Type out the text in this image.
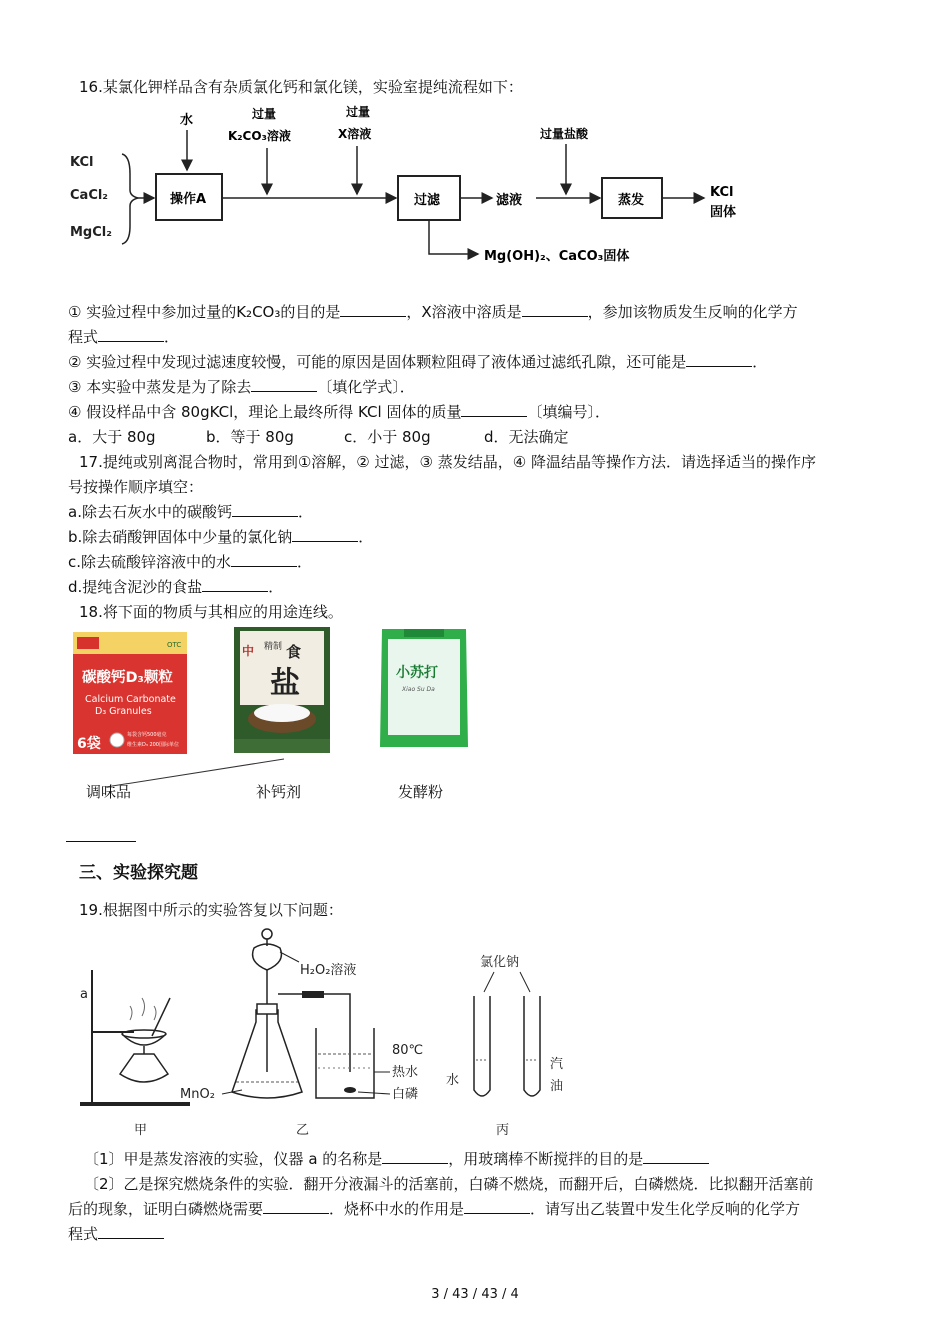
16.某氯化钾样品含有杂质氯化钙和氯化镁，实验室提纯流程如下：
KCl
CaCl₂
MgCl₂
操作A
水	过量
K₂CO₃溶液
过量
X溶液
过滤	滤液
过量盐酸
蒸发
KCl
固体
Mg(OH)₂、CaCO₃固体
① 实验过程中参加过量的K₂CO₃的目的是	，X溶液中溶质是	，参加该物质发生反响的化学方
程式	．
② 实验过程中发现过滤速度较慢，可能的原因是固体颗粒阻碍了液体通过滤纸孔隙，还可能是	．
③ 本实验中蒸发是为了除去	〔填化学式〕．
④ 假设样品中含 80gKCl，理论上最终所得 KCl 固体的质量	〔填编号〕．
a．大于 80g	b．等于 80g	c．小于 80g	d．无法确定
17.提纯或别离混合物时，常用到①溶解，② 过滤，③ 蒸发结晶，④ 降温结晶等操作方法．请选择适当的操作序
号按操作顺序填空：
a.除去石灰水中的碳酸钙	．
b.除去硝酸钾固体中少量的氯化钠	．
c.除去硫酸锌溶液中的水	．
d.提纯含泥沙的食盐	．
18.将下面的物质与其相应的用途连线。
OTC
碳酸钙D₃颗粒
Calcium Carbonate
D₃ Granules
6袋
每袋含钙500毫克
维生素D₃ 200国际单位
中 精制 食
盐	小苏打
Xiao Su Da
调味品	补钙剂	发酵粉
三、实验探究题
19.根据图中所示的实验答复以下问题：
a
甲
H₂O₂溶液
MnO₂
80℃
热水
白磷
乙
氯化钠
水
汽
油
丙
〔1〕甲是蒸发溶液的实验，仪器 a 的名称是	，用玻璃棒不断搅拌的目的是
〔2〕乙是探究燃烧条件的实验．翻开分液漏斗的活塞前，白磷不燃烧，而翻开后，白磷燃烧．比拟翻开活塞前
后的现象，证明白磷燃烧需要	．烧杯中水的作用是	．请写出乙装置中发生化学反响的化学方
程式
3 / 43 / 43 / 4
